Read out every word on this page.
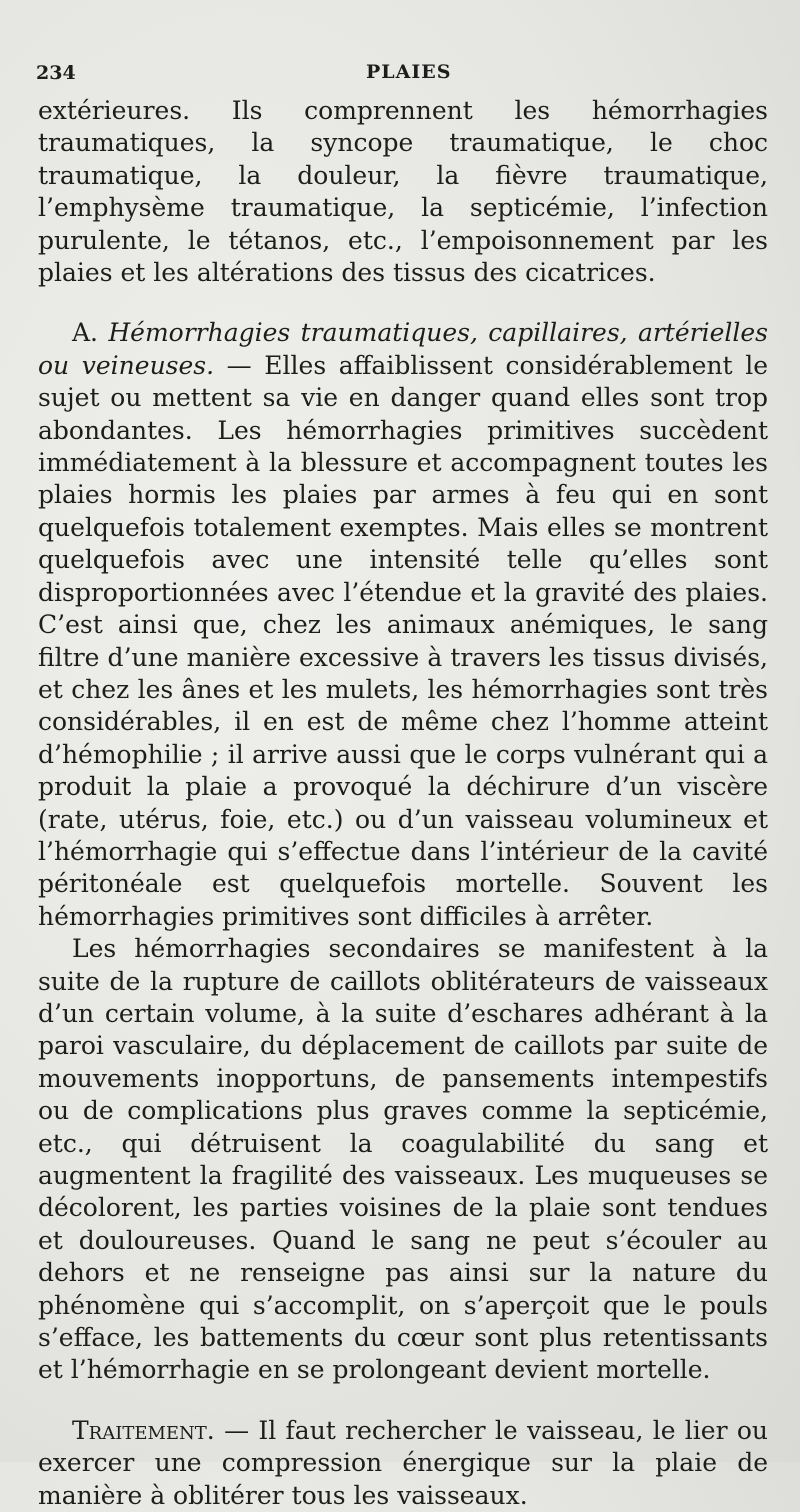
234	PLAIES

extérieures. Ils comprennent les hémorrhagies traumatiques, la syncope traumatique, le choc traumatique, la douleur, la fièvre traumatique, l’emphysème traumatique, la septicémie, l’infection purulente, le tétanos, etc., l’empoisonnement par les plaies et les altérations des tissus des cicatrices.

A. Hémorrhagies traumatiques, capillaires, artérielles ou veineuses. — Elles affaiblissent considérablement le sujet ou mettent sa vie en danger quand elles sont trop abondantes. Les hémorrhagies primitives succèdent immédiatement à la blessure et accompagnent toutes les plaies hormis les plaies par armes à feu qui en sont quelquefois totalement exemptes. Mais elles se montrent quelquefois avec une intensité telle qu’elles sont disproportionnées avec l’étendue et la gravité des plaies. C’est ainsi que, chez les animaux anémiques, le sang filtre d’une manière excessive à travers les tissus divisés, et chez les ânes et les mulets, les hémorrhagies sont très considérables, il en est de même chez l’homme atteint d’hémophilie ; il arrive aussi que le corps vulnérant qui a produit la plaie a provoqué la déchirure d’un viscère (rate, utérus, foie, etc.) ou d’un vaisseau volumineux et l’hémorrhagie qui s’effectue dans l’intérieur de la cavité péritonéale est quelquefois mortelle. Souvent les hémorrhagies primitives sont difficiles à arrêter.

Les hémorrhagies secondaires se manifestent à la suite de la rupture de caillots oblitérateurs de vaisseaux d’un certain volume, à la suite d’eschares adhérant à la paroi vasculaire, du déplacement de caillots par suite de mouvements inopportuns, de pansements intempestifs ou de complications plus graves comme la septicémie, etc., qui détruisent la coagulabilité du sang et augmentent la fragilité des vaisseaux. Les muqueuses se décolorent, les parties voisines de la plaie sont tendues et douloureuses. Quand le sang ne peut s’écouler au dehors et ne renseigne pas ainsi sur la nature du phénomène qui s’accomplit, on s’aperçoit que le pouls s’efface, les battements du cœur sont plus retentissants et l’hémorrhagie en se prolongeant devient mortelle.

Traitement. — Il faut rechercher le vaisseau, le lier ou exercer une compression énergique sur la plaie de manière à oblitérer tous les vaisseaux.
